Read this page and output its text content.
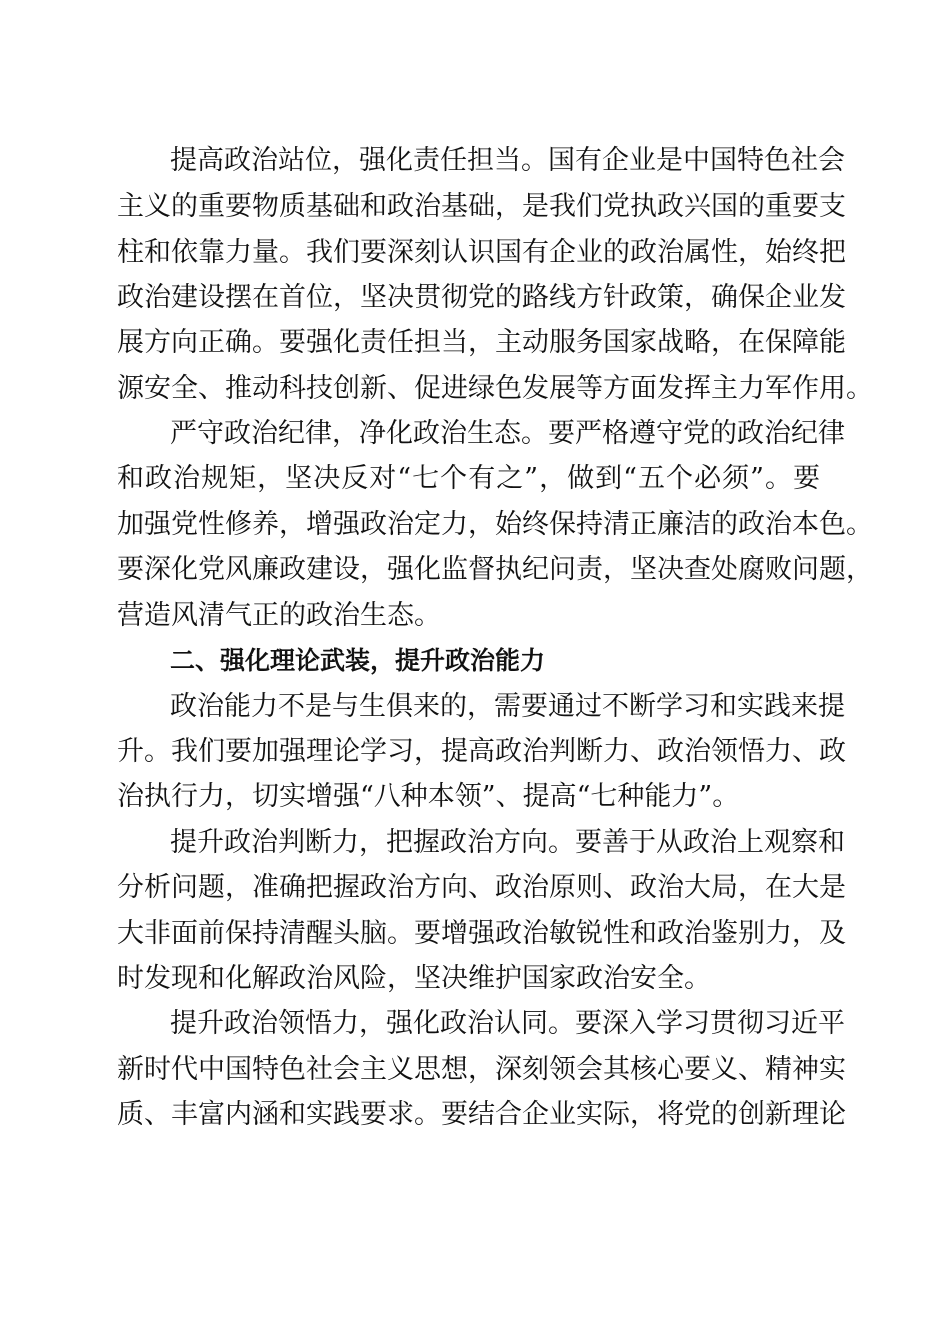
提高政治站位，强化责任担当。国有企业是中国特色社会
主义的重要物质基础和政治基础，是我们党执政兴国的重要支
柱和依靠力量。我们要深刻认识国有企业的政治属性，始终把
政治建设摆在首位，坚决贯彻党的路线方针政策，确保企业发
展方向正确。要强化责任担当，主动服务国家战略，在保障能
源安全、推动科技创新、促进绿色发展等方面发挥主力军作用。
严守政治纪律，净化政治生态。要严格遵守党的政治纪律
和政治规矩，坚决反对“七个有之”，做到“五个必须”。要
加强党性修养，增强政治定力，始终保持清正廉洁的政治本色。
要深化党风廉政建设，强化监督执纪问责，坚决查处腐败问题，
营造风清气正的政治生态。
二、强化理论武装，提升政治能力
政治能力不是与生俱来的，需要通过不断学习和实践来提
升。我们要加强理论学习，提高政治判断力、政治领悟力、政
治执行力，切实增强“八种本领”、提高“七种能力”。
提升政治判断力，把握政治方向。要善于从政治上观察和
分析问题，准确把握政治方向、政治原则、政治大局，在大是
大非面前保持清醒头脑。要增强政治敏锐性和政治鉴别力，及
时发现和化解政治风险，坚决维护国家政治安全。
提升政治领悟力，强化政治认同。要深入学习贯彻习近平
新时代中国特色社会主义思想，深刻领会其核心要义、精神实
质、丰富内涵和实践要求。要结合企业实际，将党的创新理论
